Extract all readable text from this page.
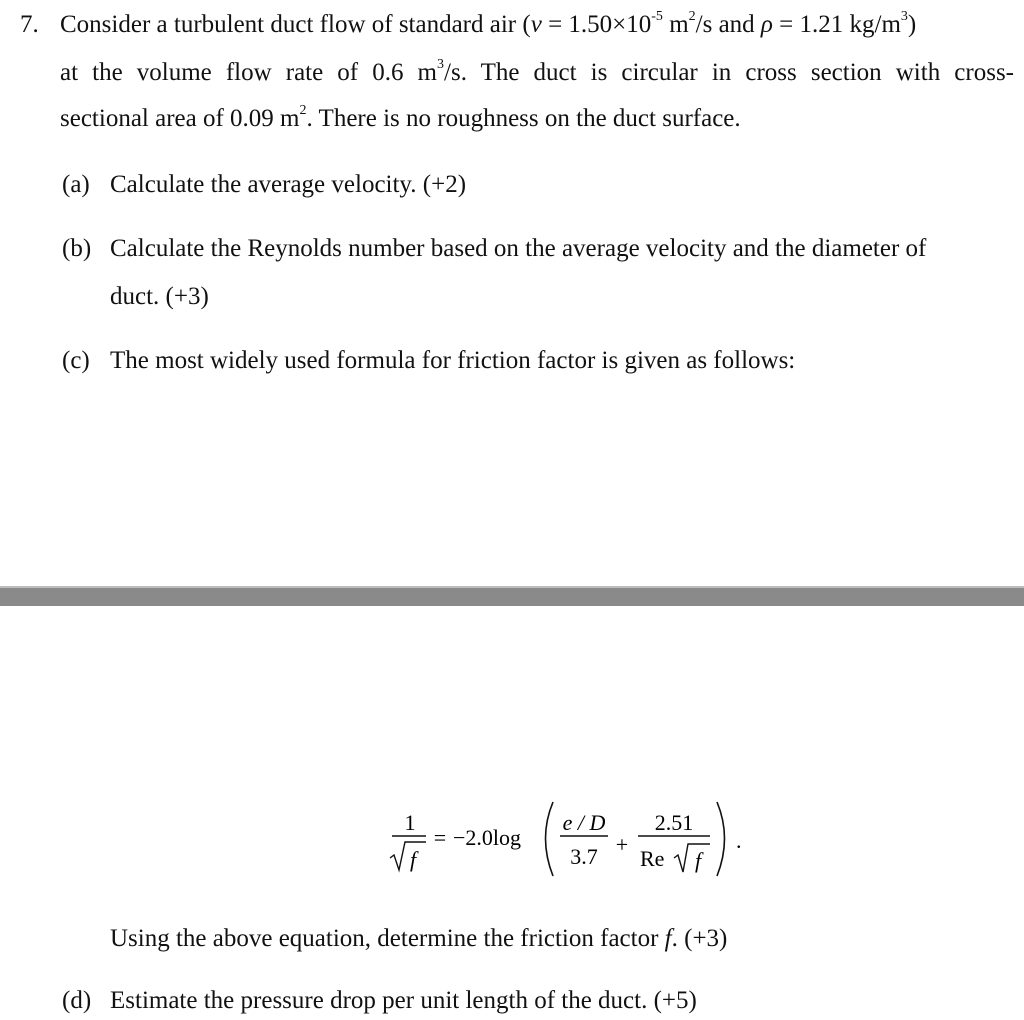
7. Consider a turbulent duct flow of standard air ($\nu = 1.50\times 10^{-5}$ $m^2/s$ and ρ = 1.21 $kg/m^3$)
at the volume flow rate of 0.6 $m^3/s$. The duct is circular in cross section with cross-
sectional area of 0.09 $m^2$. There is no roughness on the duct surface.
(a) Calculate the average velocity. (+2)
(b) Calculate the Reynolds number based on the average velocity and the diameter of
duct. (+3)
(c) The most widely used formula for friction factor is given as follows:
1
f
= −2.0log
e / D
3.7 +
2.51
Re f
.
Using the above equation, determine the friction factor f. (+3)
(d) Estimate the pressure drop per unit length of the duct. (+5)
